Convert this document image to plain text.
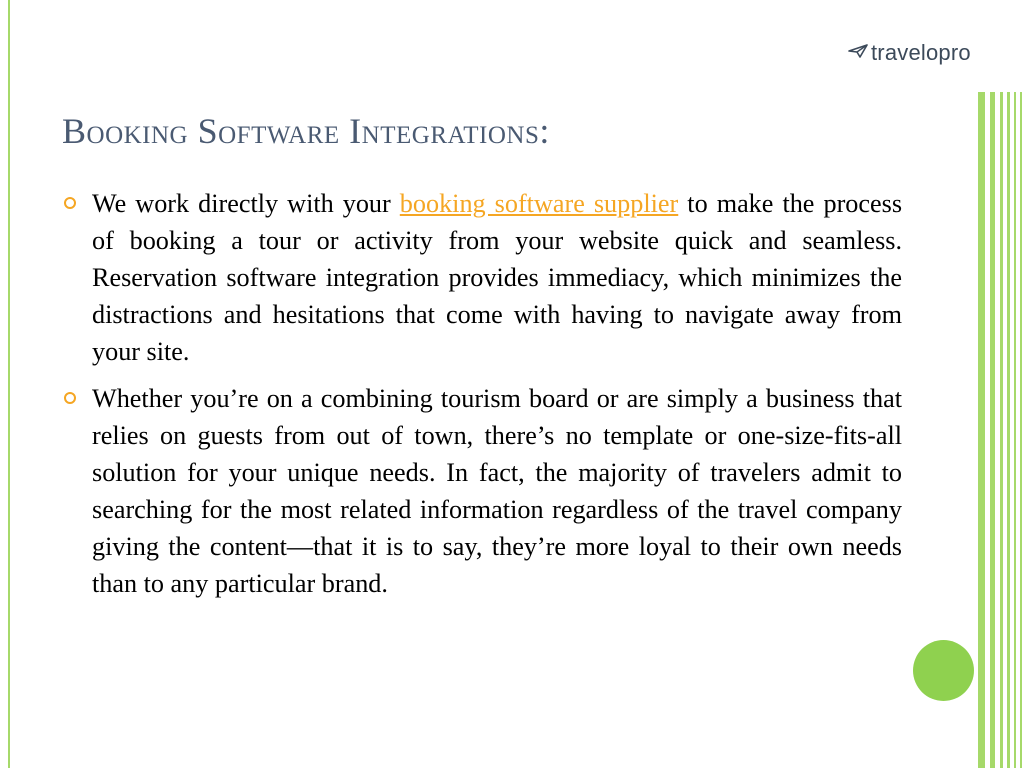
travelopro
Booking Software Integrations:
We work directly with your booking software supplier to make the process of booking a tour or activity from your website quick and seamless. Reservation software integration provides immediacy, which minimizes the distractions and hesitations that come with having to navigate away from your site.
Whether you’re on a combining tourism board or are simply a business that relies on guests from out of town, there’s no template or one-size-fits-all solution for your unique needs. In fact, the majority of travelers admit to searching for the most related information regardless of the travel company giving the content—that it is to say, they’re more loyal to their own needs than to any particular brand.
